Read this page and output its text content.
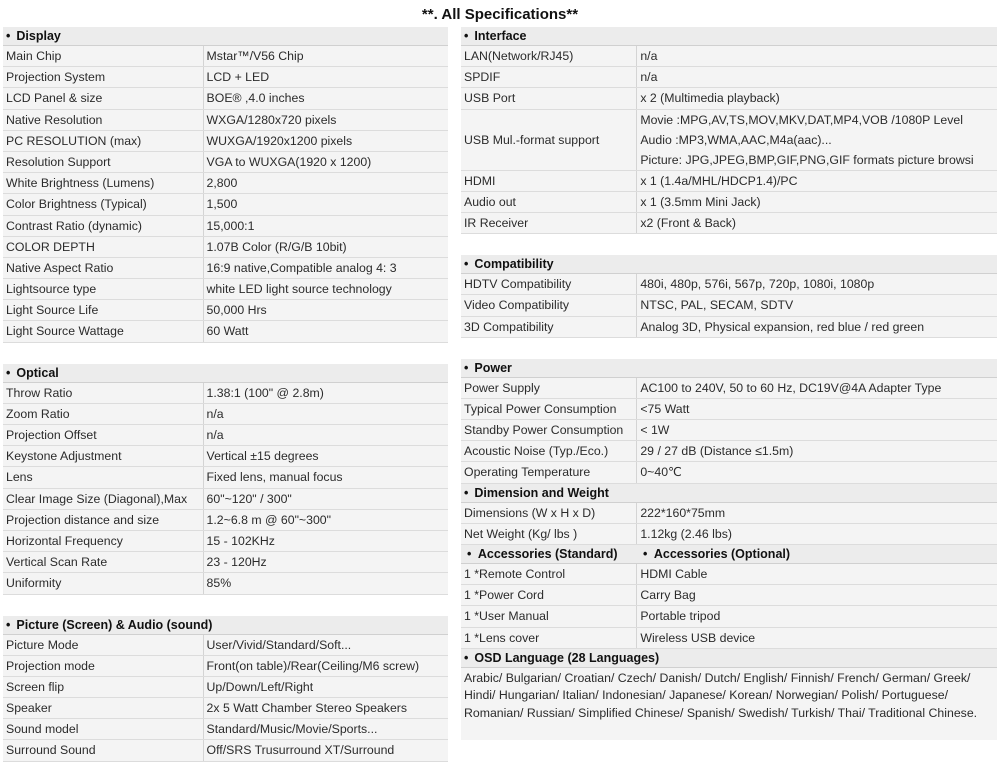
**. All Specifications**
• Display
Main Chip	Mstar™/V56 Chip
Projection System	LCD + LED
LCD Panel & size	BOE® ,4.0 inches
Native Resolution	WXGA/1280x720 pixels
PC RESOLUTION (max)	WUXGA/1920x1200 pixels
Resolution Support	VGA to WUXGA(1920 x 1200)
White Brightness (Lumens)	2,800
Color Brightness (Typical)	1,500
Contrast Ratio (dynamic)	15,000:1
COLOR DEPTH	1.07B Color (R/G/B 10bit)
Native Aspect Ratio	16:9 native,Compatible analog 4: 3
Lightsource type	white LED light source technology
Light Source Life	50,000 Hrs
Light Source Wattage	60 Watt
• Optical
Throw Ratio	1.38:1 (100" @ 2.8m)
Zoom Ratio	n/a
Projection Offset	n/a
Keystone Adjustment	Vertical ±15 degrees
Lens	Fixed lens, manual focus
Clear Image Size (Diagonal),Max	60"~120" / 300"
Projection distance and size	1.2~6.8 m @ 60"~300"
Horizontal Frequency	15 - 102KHz
Vertical Scan Rate	23 - 120Hz
Uniformity	85%
• Picture (Screen) & Audio (sound)
Picture Mode	User/Vivid/Standard/Soft...
Projection mode	Front(on table)/Rear(Ceiling/M6 screw)
Screen flip	Up/Down/Left/Right
Speaker	2x 5 Watt Chamber Stereo Speakers
Sound model	Standard/Music/Movie/Sports...
Surround Sound	Off/SRS Trusurround XT/Surround
• Interface
LAN(Network/RJ45)	n/a
SPDIF	n/a
USB Port	x 2 (Multimedia playback)
USB Mul.-format support
Movie :MPG,AV,TS,MOV,MKV,DAT,MP4,VOB /1080P Level
Audio :MP3,WMA,AAC,M4a(aac)...
Picture: JPG,JPEG,BMP,GIF,PNG,GIF formats picture browsi
HDMI	x 1 (1.4a/MHL/HDCP1.4)/PC
Audio out	x 1 (3.5mm Mini Jack)
IR Receiver	x2 (Front & Back)
• Compatibility
HDTV Compatibility	480i, 480p, 576i, 567p, 720p, 1080i, 1080p
Video Compatibility	NTSC, PAL, SECAM, SDTV
3D Compatibility	Analog 3D, Physical expansion, red blue / red green
• Power
Power Supply	AC100 to 240V, 50 to 60 Hz, DC19V@4A Adapter Type
Typical Power Consumption	<75 Watt
Standby Power Consumption	< 1W
Acoustic Noise (Typ./Eco.)	29 / 27 dB (Distance ≤1.5m)
Operating Temperature	0~40℃
• Dimension and Weight
Dimensions (W x H x D)	222*160*75mm
Net Weight (Kg/ lbs )	1.12kg (2.46 lbs)
• Accessories (Standard)	• Accessories (Optional)
1 *Remote Control	HDMI Cable
1 *Power Cord	Carry Bag
1 *User Manual	Portable tripod
1 *Lens cover	Wireless USB device
• OSD Language (28 Languages)
Arabic/ Bulgarian/ Croatian/ Czech/ Danish/ Dutch/ English/ Finnish/ French/ German/ Greek/ Hindi/ Hungarian/ Italian/ Indonesian/ Japanese/ Korean/ Norwegian/ Polish/ Portuguese/ Romanian/ Russian/ Simplified Chinese/ Spanish/ Swedish/ Turkish/ Thai/ Traditional Chinese.
